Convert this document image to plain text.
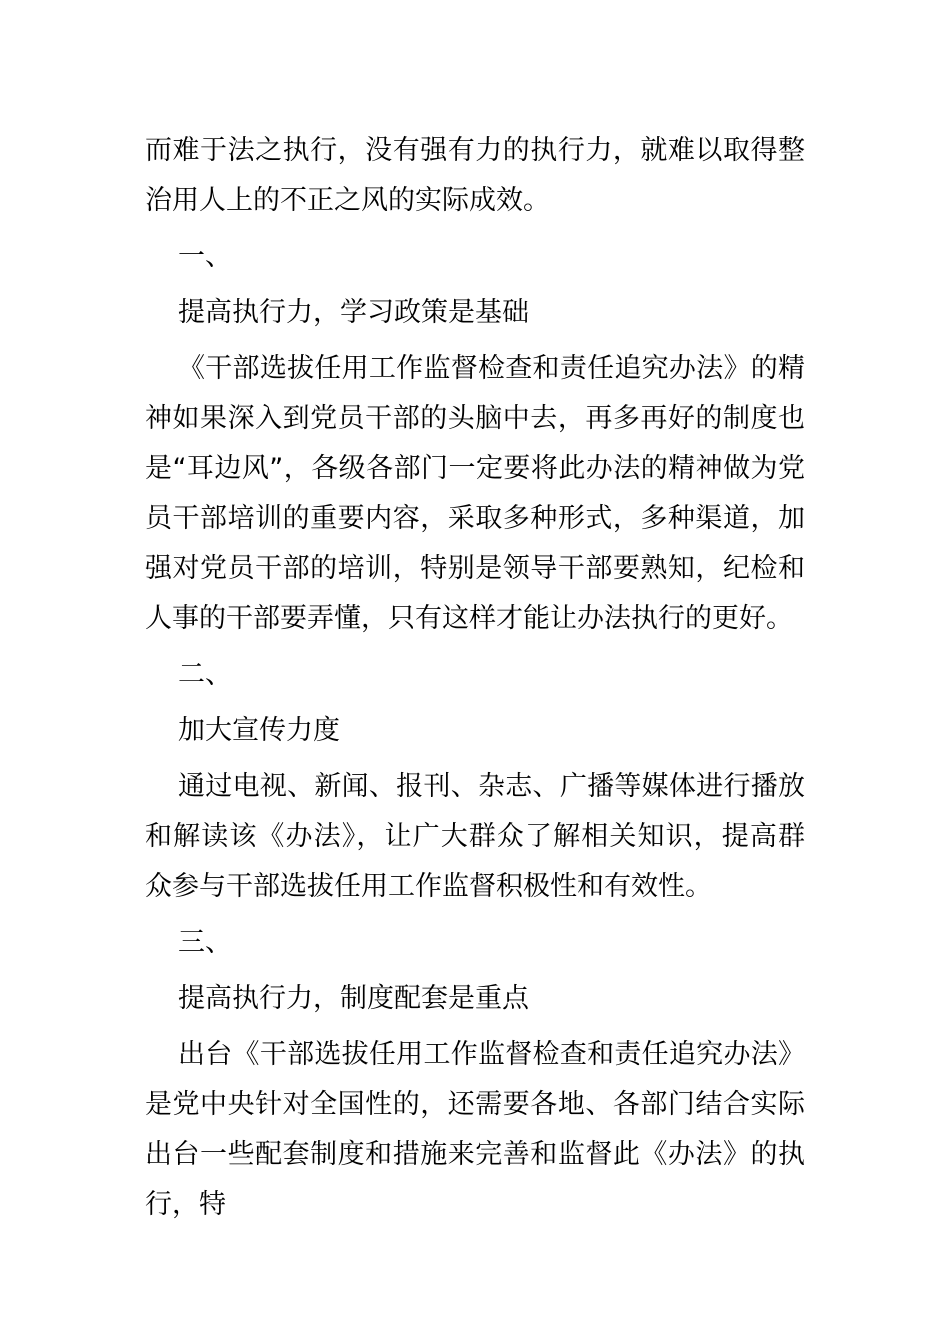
而难于法之执行，没有强有力的执行力，就难以取得整治用人上的不正之风的实际成效。

一、

提高执行力，学习政策是基础

《干部选拔任用工作监督检查和责任追究办法》的精神如果深入到党员干部的头脑中去，再多再好的制度也是“耳边风”，各级各部门一定要将此办法的精神做为党员干部培训的重要内容，采取多种形式，多种渠道，加强对党员干部的培训，特别是领导干部要熟知，纪检和人事的干部要弄懂，只有这样才能让办法执行的更好。

二、

加大宣传力度

通过电视、新闻、报刊、杂志、广播等媒体进行播放和解读该《办法》，让广大群众了解相关知识，提高群众参与干部选拔任用工作监督积极性和有效性。

三、

提高执行力，制度配套是重点

出台《干部选拔任用工作监督检查和责任追究办法》是党中央针对全国性的，还需要各地、各部门结合实际出台一些配套制度和措施来完善和监督此《办法》的执行，特
